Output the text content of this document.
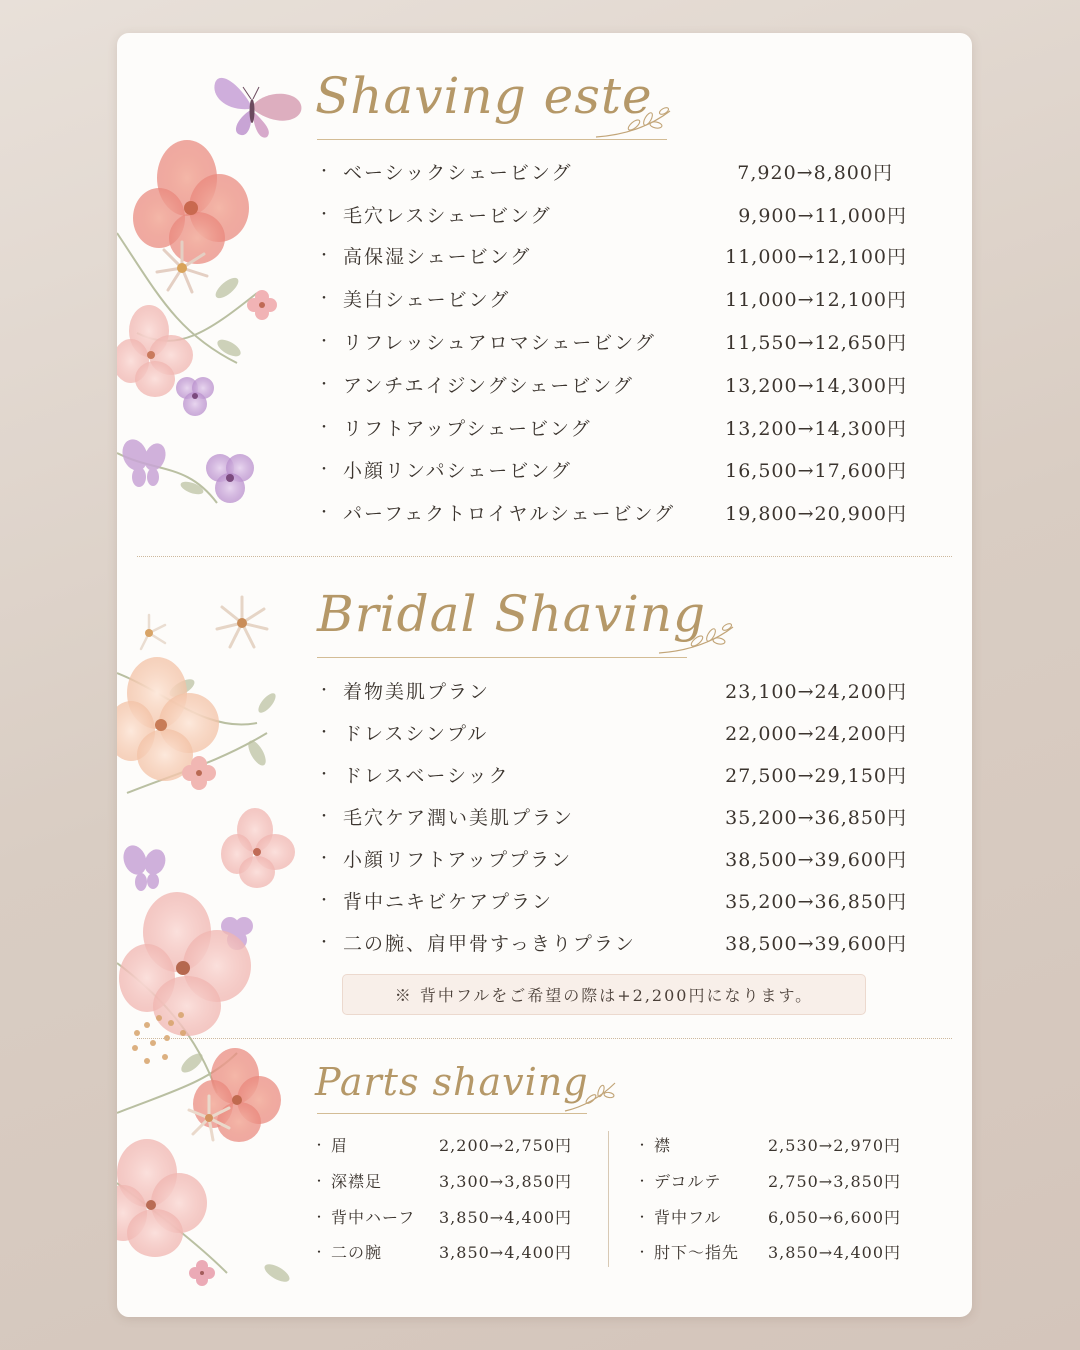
Shaving este
・ ベーシックシェービング	7,920→8,800円
・ 毛穴レスシェービング	9,900→11,000円
・ 高保湿シェービング	11,000→12,100円
・ 美白シェービング	11,000→12,100円
・ リフレッシュアロマシェービング	11,550→12,650円
・ アンチエイジングシェービング	13,200→14,300円
・ リフトアップシェービング	13,200→14,300円
・ 小顔リンパシェービング	16,500→17,600円
・ パーフェクトロイヤルシェービング	19,800→20,900円
Bridal Shaving
・ 着物美肌プラン	23,100→24,200円
・ ドレスシンプル	22,000→24,200円
・ ドレスベーシック	27,500→29,150円
・ 毛穴ケア潤い美肌プラン	35,200→36,850円
・ 小顔リフトアッププラン	38,500→39,600円
・ 背中ニキビケアプラン	35,200→36,850円
・ 二の腕、肩甲骨すっきりプラン	38,500→39,600円
※ 背中フルをご希望の際は+2,200円になります。
Parts shaving
・ 眉	2,200→2,750円
・ 深襟足	3,300→3,850円
・ 背中ハーフ	3,850→4,400円
・ 二の腕	3,850→4,400円
・ 襟	2,530→2,970円
・ デコルテ	2,750→3,850円
・ 背中フル	6,050→6,600円
・ 肘下～指先	3,850→4,400円
